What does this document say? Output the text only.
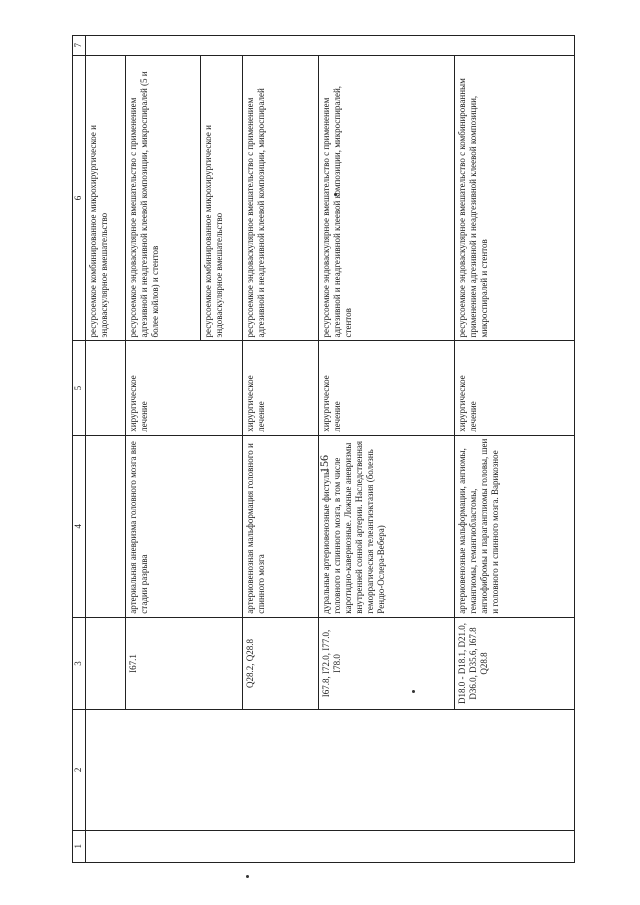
156
1	2	3	4	5	6	7
					ресурсоемкое комбинированное микрохирургическое и эндоваскулярное вмешательство	
		I67.1	артериальная аневризма головного мозга вне стадии разрыва	хирургическое лечение	ресурсоемкое эндоваскулярное вмешательство с применением адгезивной и неадгезивной клеевой композиции, микроспиралей (5 и более койлов) и стентов	
					ресурсоемкое комбинированное микрохирургическое и эндоваскулярное вмешательство	
		Q28.2, Q28.8	артериовенозная мальформация головного и спинного мозга	хирургическое лечение	ресурсоемкое эндоваскулярное вмешательство с применением адгезивной и неадгезивной клеевой композиции, микроспиралей	
		I67.8, I72.0, I77.0, I78.0	дуральные артериовенозные фистулы головного и спинного мозга, в том числе каротидно-кавернозные. Ложные аневризмы внутренней сонной артерии. Наследственная геморрагическая телеангиэктазия (болезнь Рендю-Ослера-Вебера)	хирургическое лечение	ресурсоемкое эндоваскулярное вмешательство с применением адгезивной и неадгезивной клеевой композиции, микроспиралей, стентов	
		D18.0 - D18.1, D21.0, D36.0, D35.6, I67.8 Q28.8	артериовенозные мальформации, ангиомы, гемангиомы, гемангиобластомы, ангиофибромы и параганглиомы головы, шеи и головного и спинного мозга. Варикозное	хирургическое лечение	ресурсоемкое эндоваскулярное вмешательство с комбинированным применением адгезивной и неадгезивной клеевой композиции, микроспиралей и стентов	
